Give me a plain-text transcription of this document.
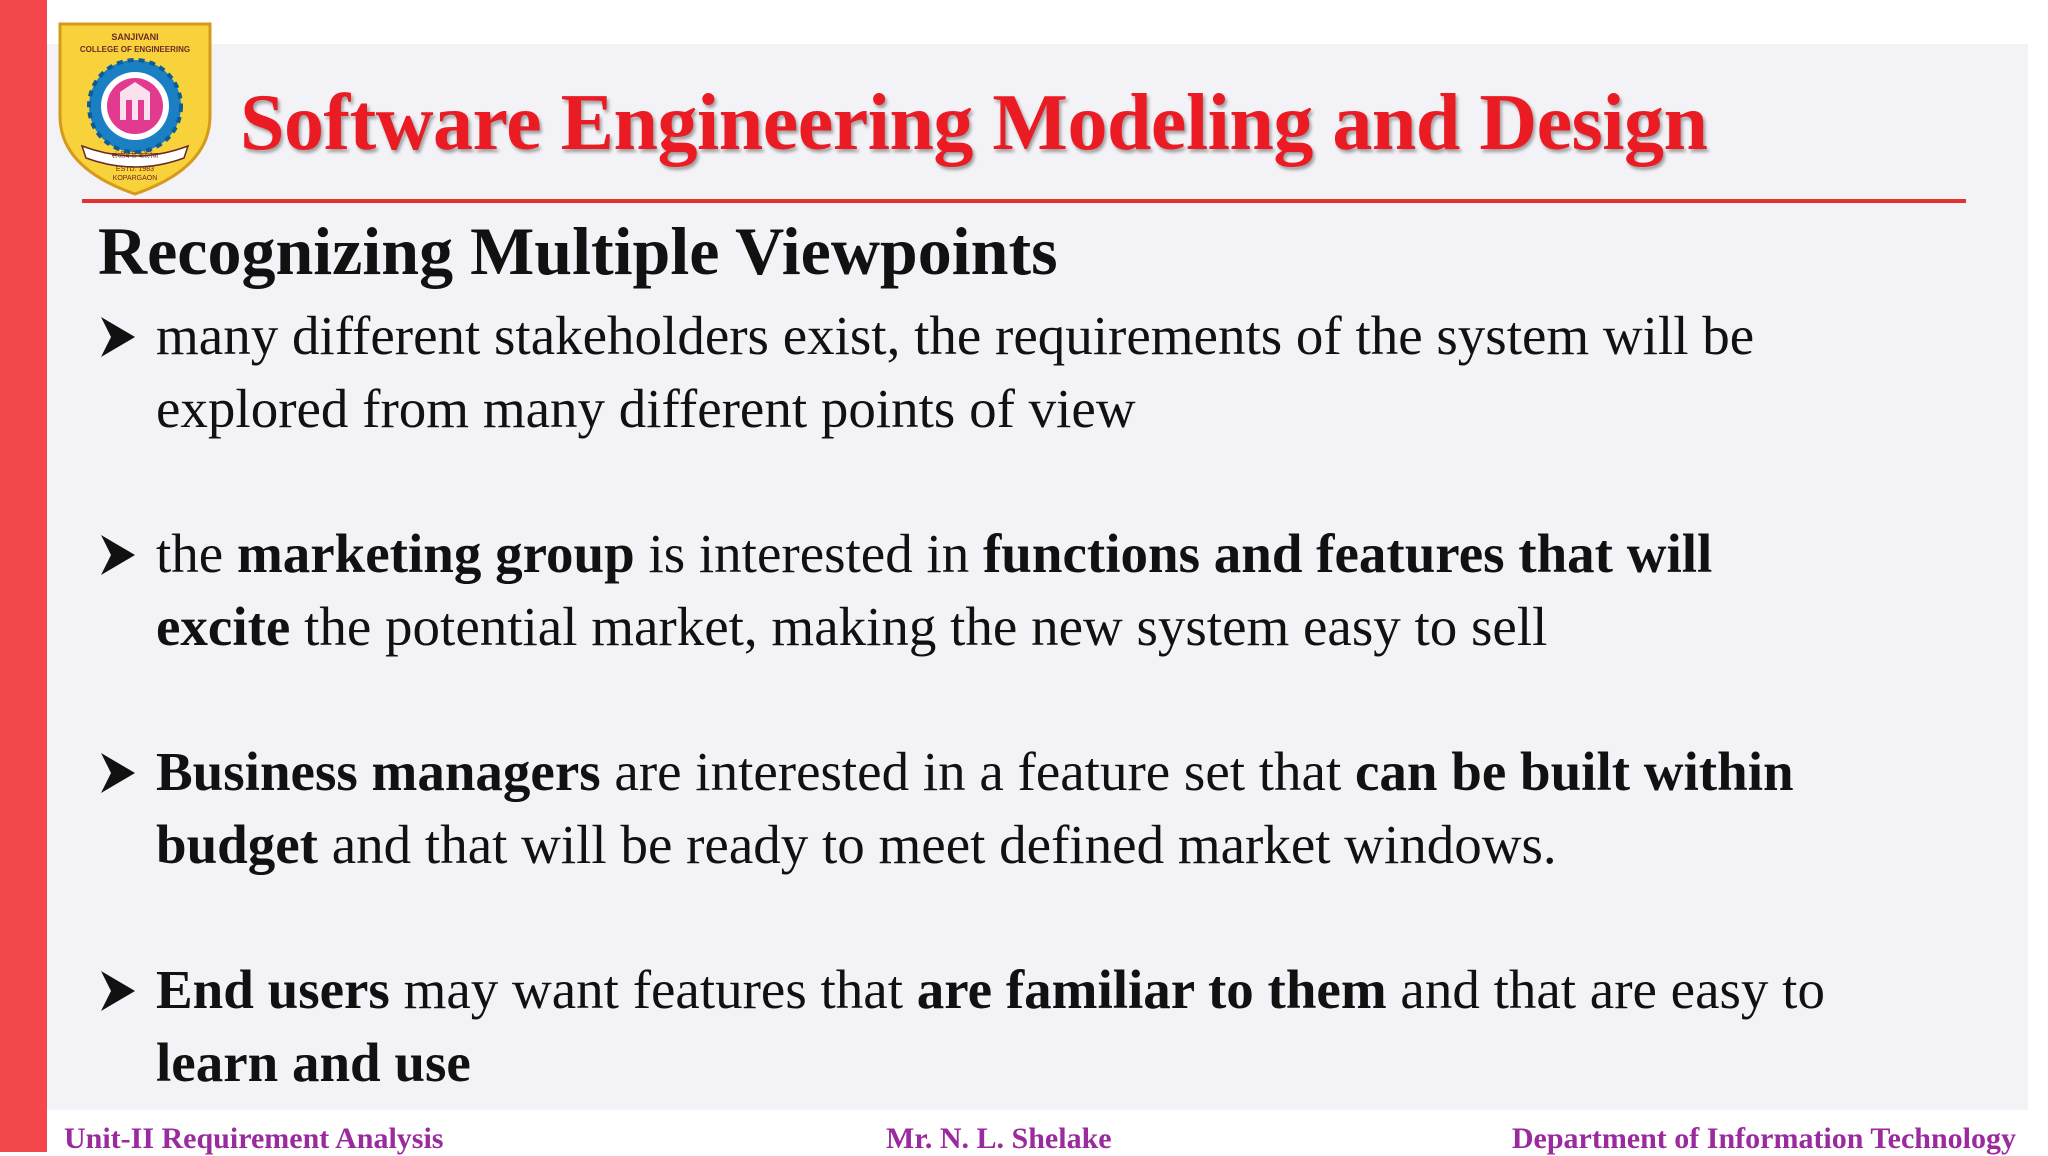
SANJIVANI
COLLEGE OF ENGINEERING
संजीवनी कॉलेज
ESTD. 1983
KOPARGAON
Software Engineering Modeling and Design
Recognizing Multiple Viewpoints
many different stakeholders exist, the requirements of the system will be
explored from many different points of view
the marketing group is interested in functions and features that will
excite the potential market, making the new system easy to sell
Business managers are interested in a feature set that can be built within
budget and that will be ready to meet defined market windows.
End users may want features that are familiar to them and that are easy to
learn and use
Unit-II Requirement Analysis	Mr. N. L. Shelake	Department of Information Technology
